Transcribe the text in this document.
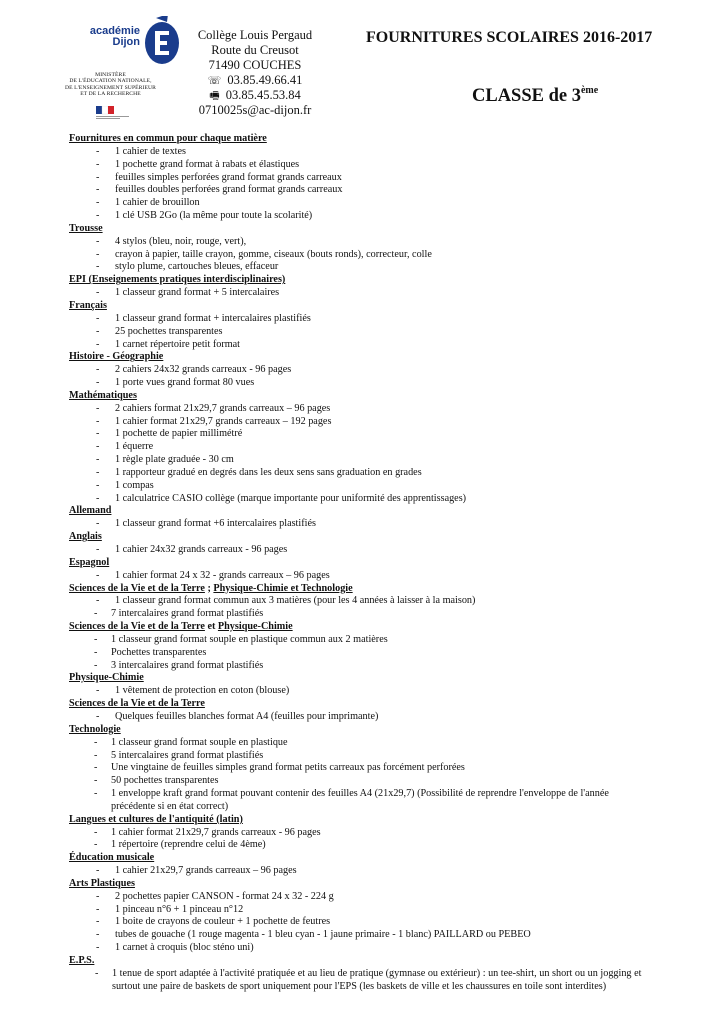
académie
Dijon
MINISTÈRE
DE L'ÉDUCATION NATIONALE,
DE L'ENSEIGNEMENT SUPÉRIEUR
ET DE LA RECHERCHE
Collège Louis Pergaud
Route du Creusot
71490 COUCHES
☏ 03.85.49.66.41
🖷 03.85.45.53.84
0710025s@ac-dijon.fr
FOURNITURES SCOLAIRES 2016-2017
CLASSE de 3ème
Fournitures en commun pour chaque matière
- 1 cahier de textes
- 1 pochette grand format à rabats et élastiques
- feuilles simples perforées grand format grands carreaux
- feuilles doubles perforées grand format grands carreaux
- 1 cahier de brouillon
- 1 clé USB 2Go (la même pour toute la scolarité)
Trousse
- 4 stylos (bleu, noir, rouge, vert),
- crayon à papier, taille crayon, gomme, ciseaux (bouts ronds), correcteur, colle
- stylo plume, cartouches bleues, effaceur
EPI (Enseignements pratiques interdisciplinaires)
- 1 classeur grand format + 5 intercalaires
Français
- 1 classeur grand format + intercalaires plastifiés
- 25 pochettes transparentes
- 1 carnet répertoire petit format
Histoire - Géographie
- 2 cahiers 24x32 grands carreaux - 96 pages
- 1 porte vues grand format 80 vues
Mathématiques
- 2 cahiers format 21x29,7 grands carreaux – 96 pages
- 1 cahier format 21x29,7 grands carreaux – 192 pages
- 1 pochette de papier millimétré
- 1 équerre
- 1 règle plate graduée - 30 cm
- 1 rapporteur gradué en degrés dans les deux sens sans graduation en grades
- 1 compas
- 1 calculatrice CASIO collège (marque importante pour uniformité des apprentissages)
Allemand
- 1 classeur grand format +6 intercalaires plastifiés
Anglais
- 1 cahier 24x32 grands carreaux - 96 pages
Espagnol
- 1 cahier format 24 x 32 - grands carreaux – 96 pages
Sciences de la Vie et de la Terre ; Physique-Chimie et Technologie
- 1 classeur grand format commun aux 3 matières (pour les 4 années à laisser à la maison)
- 7 intercalaires grand format plastifiés
Sciences de la Vie et de la Terre et Physique-Chimie
- 1 classeur grand format souple en plastique commun aux 2 matières
- Pochettes transparentes
- 3 intercalaires grand format plastifiés
Physique-Chimie
- 1 vêtement de protection en coton (blouse)
Sciences de la Vie et de la Terre
- Quelques feuilles blanches format A4 (feuilles pour imprimante)
Technologie
- 1 classeur grand format souple en plastique
- 5 intercalaires grand format plastifiés
- Une vingtaine de feuilles simples grand format petits carreaux pas forcément perforées
- 50 pochettes transparentes
- 1 enveloppe kraft grand format pouvant contenir des feuilles A4 (21x29,7) (Possibilité de reprendre l'enveloppe de l'année précédente si en état correct)
Langues et cultures de l'antiquité (latin)
- 1 cahier format 21x29,7 grands carreaux - 96 pages
- 1 répertoire (reprendre celui de 4ème)
Éducation musicale
- 1 cahier 21x29,7 grands carreaux – 96 pages
Arts Plastiques
- 2 pochettes papier CANSON - format 24 x 32 - 224 g
- 1 pinceau n°6 + 1 pinceau n°12
- 1 boite de crayons de couleur + 1 pochette de feutres
- tubes de gouache (1 rouge magenta - 1 bleu cyan - 1 jaune primaire - 1 blanc) PAILLARD ou PEBEO
- 1 carnet à croquis (bloc sténo uni)
E.P.S.
- 1 tenue de sport adaptée à l'activité pratiquée et au lieu de pratique (gymnase ou extérieur) : un tee-shirt, un short ou un jogging et surtout une paire de baskets de sport uniquement pour l'EPS (les baskets de ville et les chaussures en toile sont interdites)
